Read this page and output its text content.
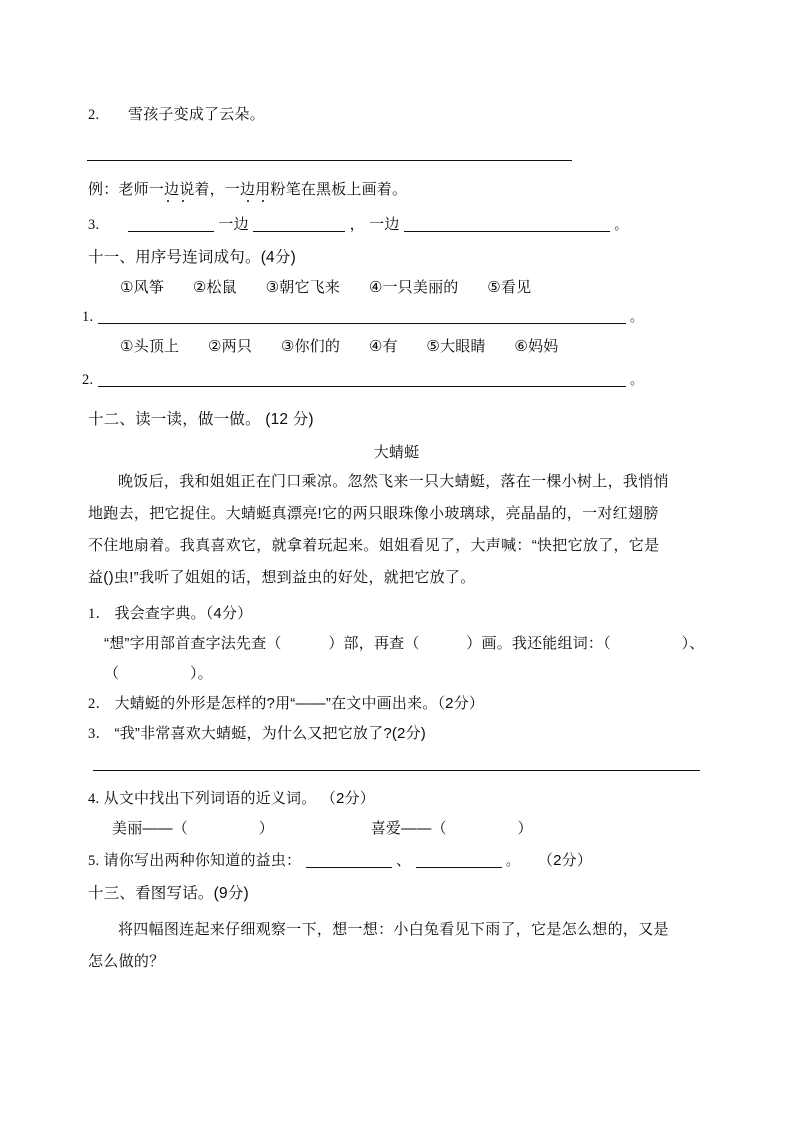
2. 雪孩子变成了云朵。
例：老师一边说着，一边用粉笔在黑板上画着。
3.	一边	， 一边	。
十一、用序号连词成句。(4分)
①风筝 ②松鼠 ③朝它飞来 ④一只美丽的 ⑤看见
1.	。
①头顶上 ②两只 ③你们的 ④有 ⑤大眼睛 ⑥妈妈
2.	。
十二、读一读，做一做。 (12 分)
大蜻蜓
晚饭后，我和姐姐正在门口乘凉。忽然飞来一只大蜻蜓，落在一棵小树上，我悄悄
地跑去，把它捉住。大蜻蜓真漂亮!它的两只眼珠像小玻璃球，亮晶晶的，一对红翅膀
不住地扇着。我真喜欢它，就拿着玩起来。姐姐看见了，大声喊：“快把它放了，它是
益()虫!”我听了姐姐的话，想到益虫的好处，就把它放了。
1． 我会查字典。（4分）
“想”字用部首查字法先查（	）部，再查（	）画。我还能组词：（	）、
（	）。
2． 大蜻蜓的外形是怎样的?用“——”在文中画出来。（2分）
3． “我”非常喜欢大蜻蜓，为什么又把它放了?(2分)
4. 从文中找出下列词语的近义词。 （2分）
美丽——（	）	喜爱——（	）
5. 请你写出两种你知道的益虫：	、	。 （2分）
十三、看图写话。(9分)
将四幅图连起来仔细观察一下，想一想：小白兔看见下雨了，它是怎么想的，又是
怎么做的？
